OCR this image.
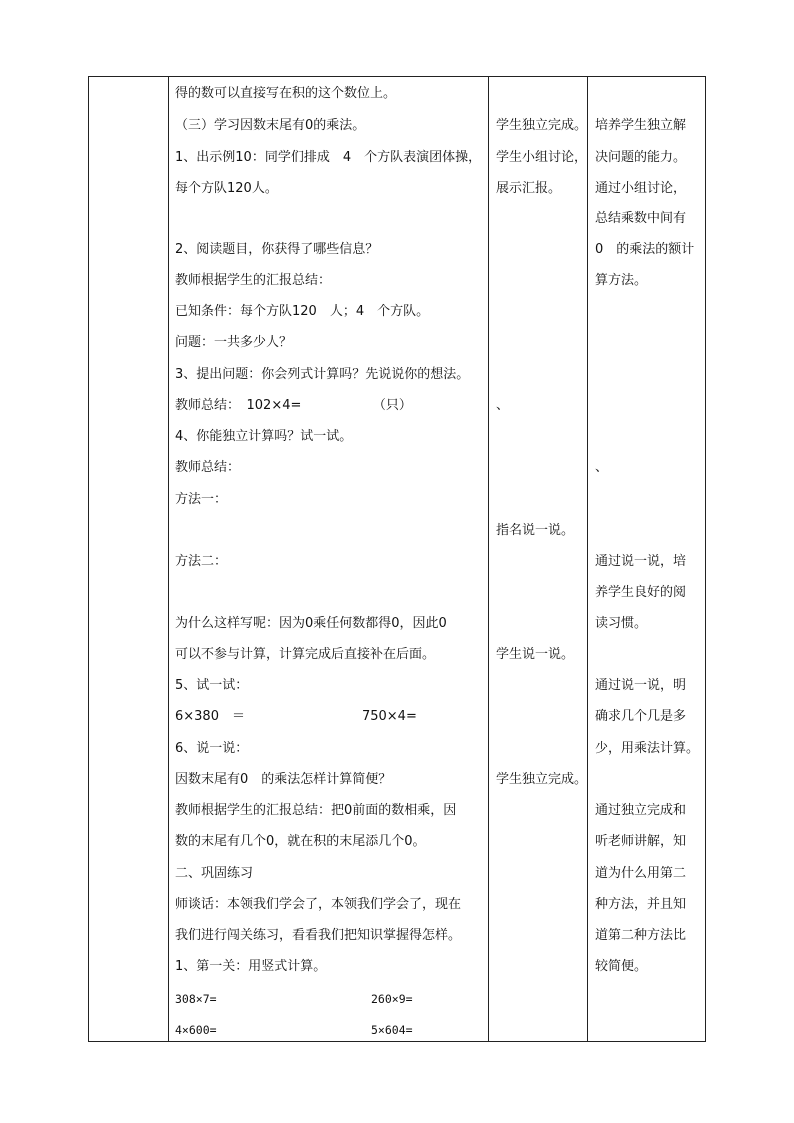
得的数可以直接写在积的这个数位上。
（三）学习因数末尾有0的乘法。
1、出示例10：同学们排成　4　个方队表演团体操，
每个方队120人。
2、阅读题目，你获得了哪些信息？
教师根据学生的汇报总结：
已知条件：每个方队120　人；4　个方队。
问题：一共多少人？
3、提出问题：你会列式计算吗？先说说你的想法。
教师总结：　102×4=　　　　　　（只）
4、你能独立计算吗？试一试。
教师总结：
方法一：
方法二：
为什么这样写呢：因为0乘任何数都得0，因此0
可以不参与计算，计算完成后直接补在后面。
5、试一试：
6×380　＝　　　　　　　　　750×4=
6、说一说：
因数末尾有0　的乘法怎样计算简便？
教师根据学生的汇报总结：把0前面的数相乘，因
数的末尾有几个0，就在积的末尾添几个0。
二、巩固练习
师谈话：本领我们学会了，本领我们学会了，现在
我们进行闯关练习，看看我们把知识掌握得怎样。
1、第一关：用竖式计算。
308×7=	260×9=
4×600=	5×604=
学生独立完成。
学生小组讨论，
展示汇报。
、
指名说一说。
学生说一说。
学生独立完成。
培养学生独立解
决问题的能力。
通过小组讨论，
总结乘数中间有
0　的乘法的额计
算方法。
、
通过说一说，培
养学生良好的阅
读习惯。
通过说一说，明
确求几个几是多
少，用乘法计算。
通过独立完成和
听老师讲解，知
道为什么用第二
种方法，并且知
道第二种方法比
较简便。
